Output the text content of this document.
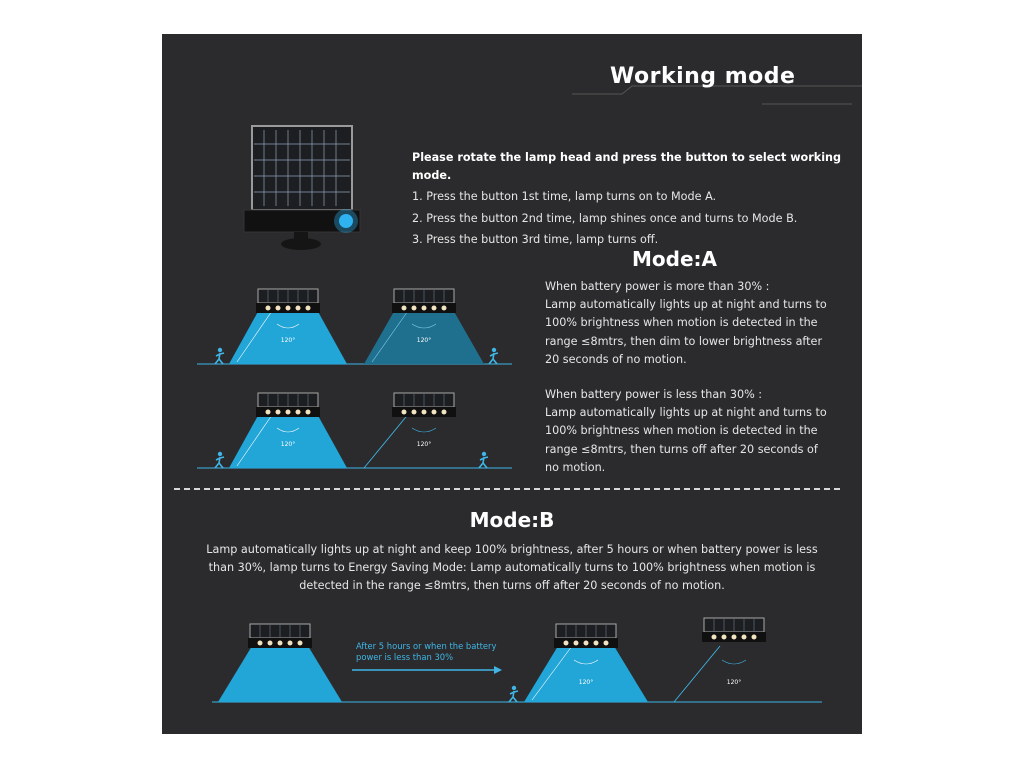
Working mode

Please rotate the lamp head and press the button to select working mode.

1. Press the button 1st time, lamp turns on to Mode A.

2. Press the button 2nd time, lamp shines once and turns to Mode B.

3. Press the button 3rd time, lamp turns off.

Mode:A

When battery power is more than 30% :

Lamp automatically lights up at night and turns to

100% brightness when motion is detected in the

range ≤8mtrs, then dim to lower brightness after

20 seconds of no motion.

When battery power is less than 30% :

Lamp automatically lights up at night and turns to

100% brightness when motion is detected in the

range ≤8mtrs, then turns off after 20 seconds of

no motion.

120°	120°
120°	120°
Mode:B

Lamp automatically lights up at night and keep 100% brightness, after 5 hours or when battery power is less

than 30%, lamp turns to Energy Saving Mode: Lamp automatically turns to 100% brightness when motion is

detected in the range ≤8mtrs, then turns off after 20 seconds of no motion.

120°	120°
After 5 hours or when the battery
power is less than 30%
